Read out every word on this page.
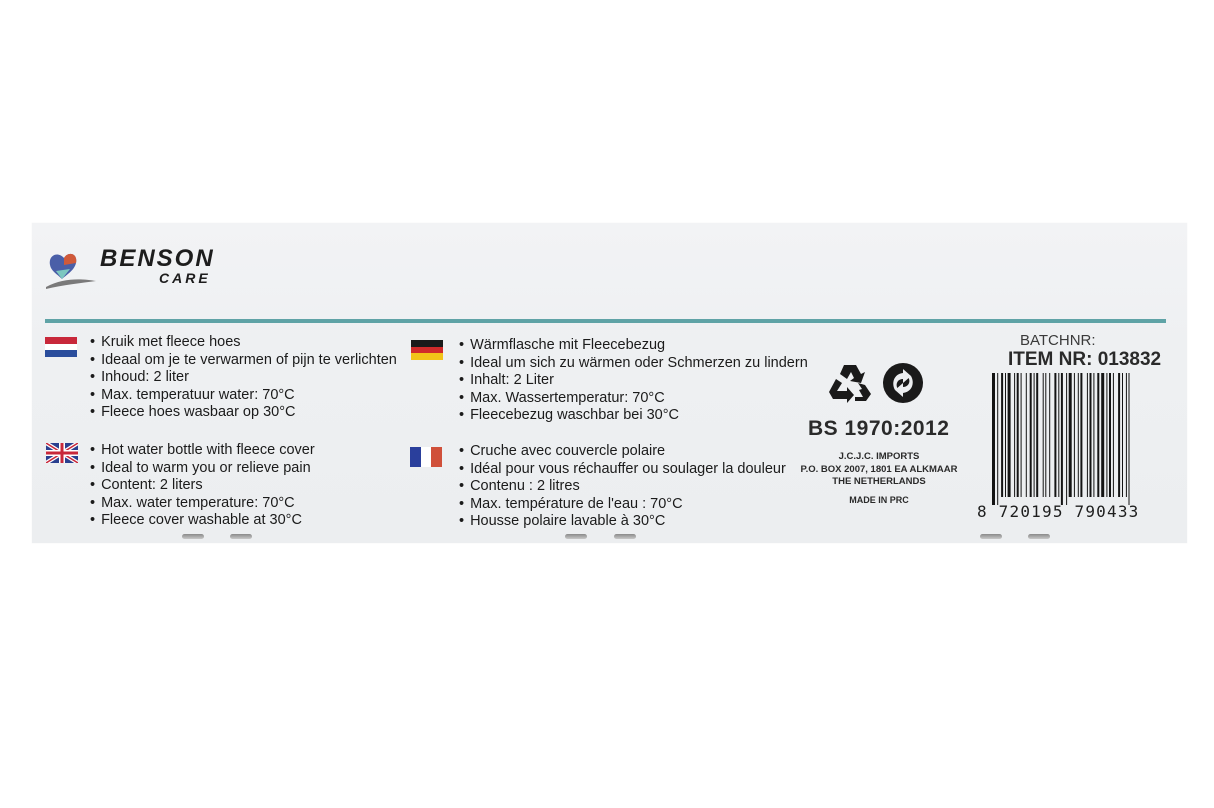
BENSON
CARE
• Kruik met fleece hoes
• Ideaal om je te verwarmen of pijn te verlichten
• Inhoud: 2 liter
• Max. temperatuur water: 70°C
• Fleece hoes wasbaar op 30°C
• Hot water bottle with fleece cover
• Ideal to warm you or relieve pain
• Content: 2 liters
• Max. water temperature: 70°C
• Fleece cover washable at 30°C
• Wärmflasche mit Fleecebezug
• Ideal um sich zu wärmen oder Schmerzen zu lindern
• Inhalt: 2 Liter
• Max. Wassertemperatur: 70°C
• Fleecebezug waschbar bei 30°C
• Cruche avec couvercle polaire
• Idéal pour vous réchauffer ou soulager la douleur
• Contenu : 2 litres
• Max. température de l'eau : 70°C
• Housse polaire lavable à 30°C
BS 1970:2012
J.C.J.C. IMPORTS
P.O. BOX 2007, 1801 EA ALKMAAR
THE NETHERLANDS
MADE IN PRC
BATCHNR:
ITEM NR: 013832
8 720195 790433
